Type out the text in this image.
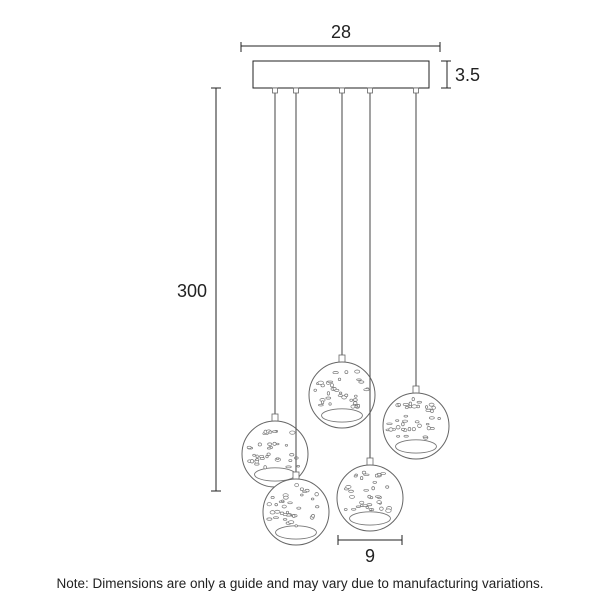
28
3.5
300
9
Note: Dimensions are only a guide and may vary due to manufacturing variations.
